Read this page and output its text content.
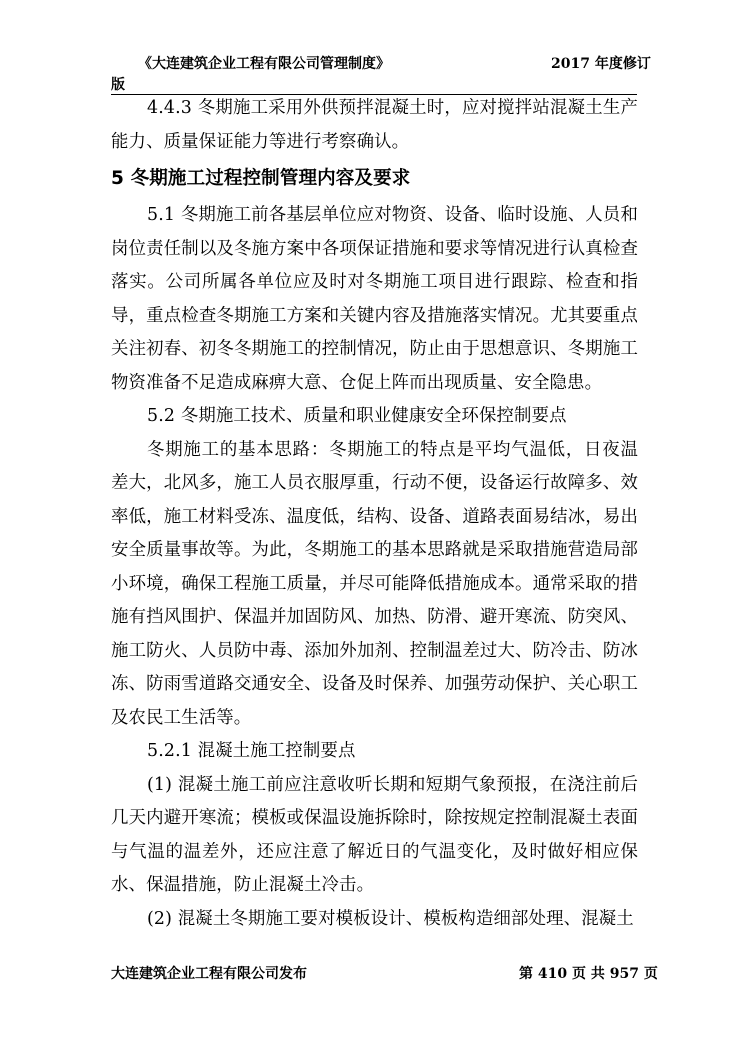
《大连建筑企业工程有限公司管理制度》	2017 年度修订
版

4.4.3 冬期施工采用外供预拌混凝土时，应对搅拌站混凝土生产能力、质量保证能力等进行考察确认。

5 冬期施工过程控制管理内容及要求

5.1 冬期施工前各基层单位应对物资、设备、临时设施、人员和岗位责任制以及冬施方案中各项保证措施和要求等情况进行认真检查落实。公司所属各单位应及时对冬期施工项目进行跟踪、检查和指导，重点检查冬期施工方案和关键内容及措施落实情况。尤其要重点关注初春、初冬冬期施工的控制情况，防止由于思想意识、冬期施工物资准备不足造成麻痹大意、仓促上阵而出现质量、安全隐患。

5.2 冬期施工技术、质量和职业健康安全环保控制要点

冬期施工的基本思路：冬期施工的特点是平均气温低，日夜温差大，北风多，施工人员衣服厚重，行动不便，设备运行故障多、效率低，施工材料受冻、温度低，结构、设备、道路表面易结冰，易出安全质量事故等。为此，冬期施工的基本思路就是采取措施营造局部小环境，确保工程施工质量，并尽可能降低措施成本。通常采取的措施有挡风围护、保温并加固防风、加热、防滑、避开寒流、防突风、施工防火、人员防中毒、添加外加剂、控制温差过大、防冷击、防冰冻、防雨雪道路交通安全、设备及时保养、加强劳动保护、关心职工及农民工生活等。

5.2.1 混凝土施工控制要点

(1) 混凝土施工前应注意收听长期和短期气象预报，在浇注前后几天内避开寒流；模板或保温设施拆除时，除按规定控制混凝土表面与气温的温差外，还应注意了解近日的气温变化，及时做好相应保水、保温措施，防止混凝土冷击。

(2) 混凝土冬期施工要对模板设计、模板构造细部处理、混凝土

大连建筑企业工程有限公司发布	第 410 页 共 957 页
